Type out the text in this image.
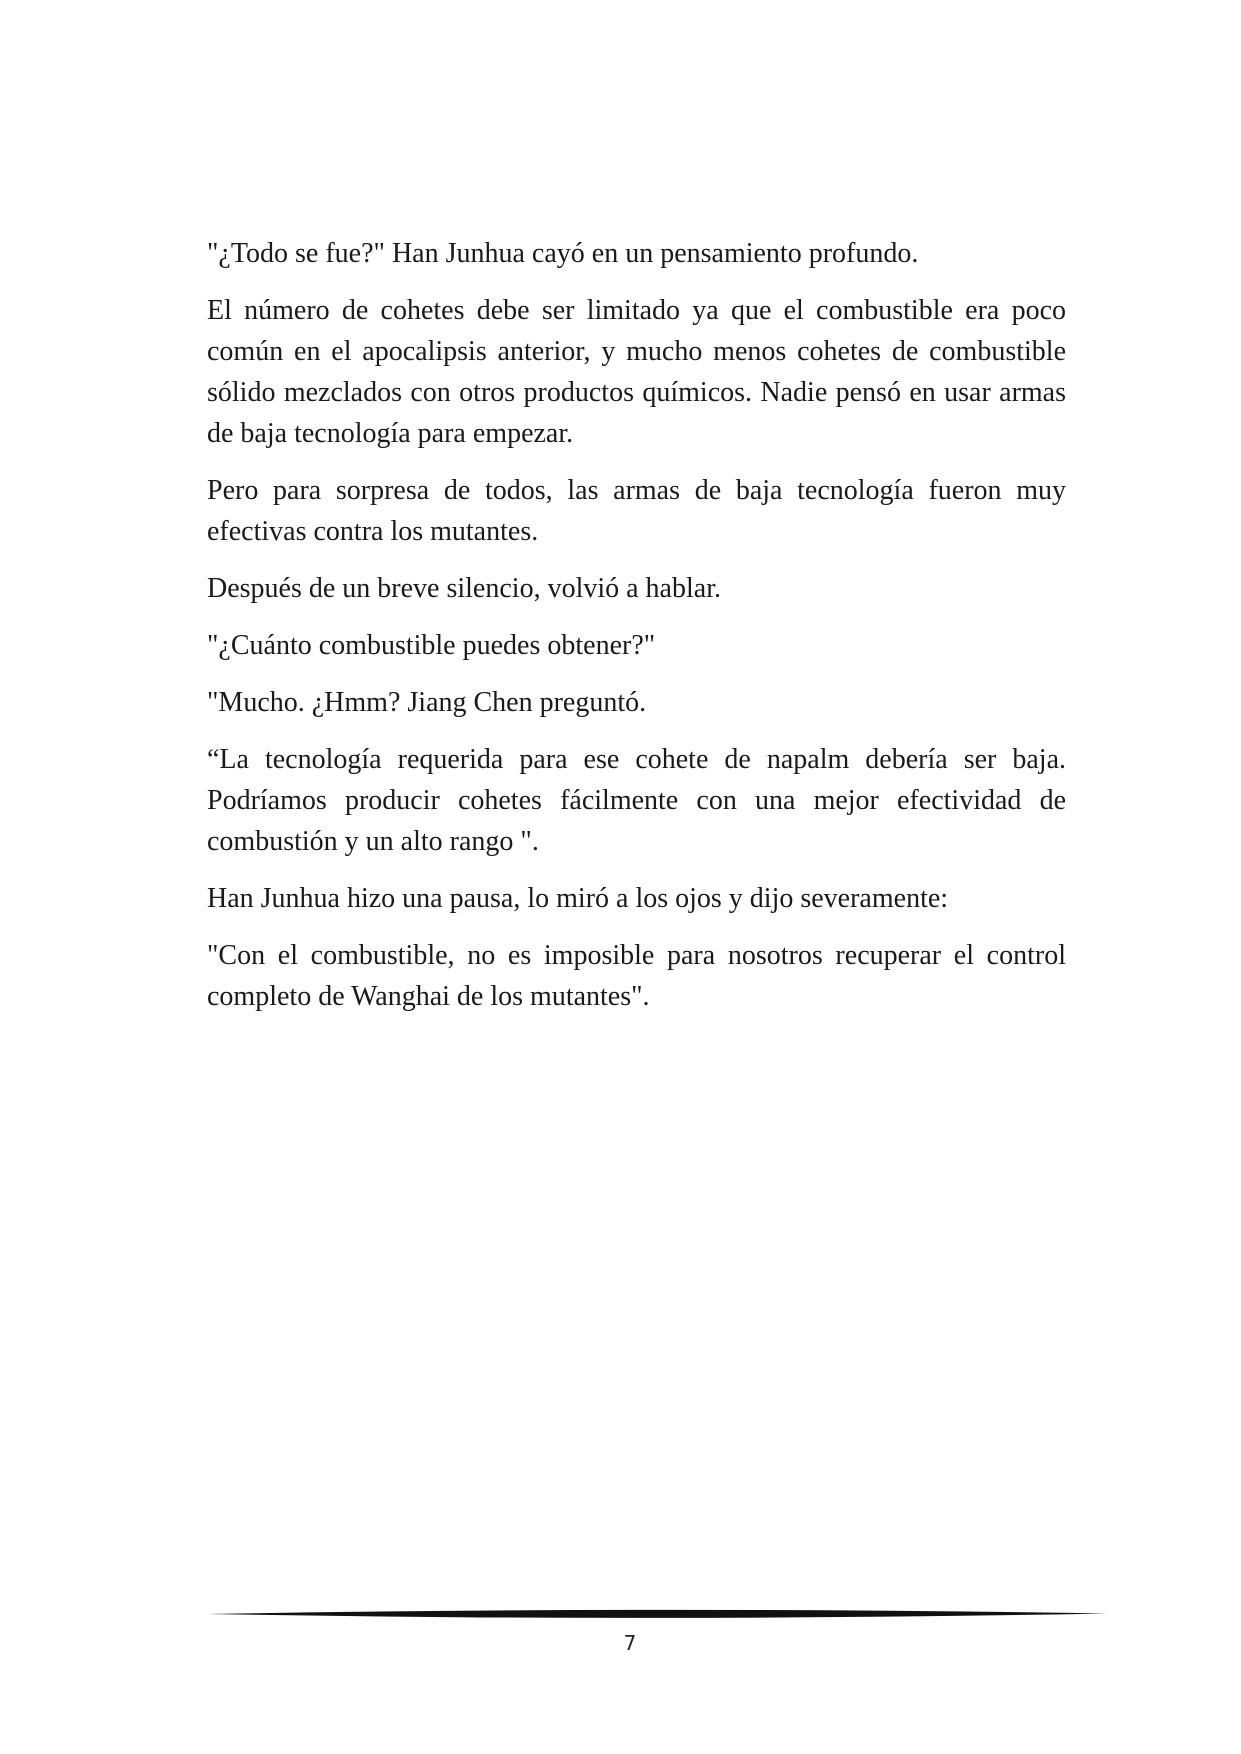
"¿Todo se fue?" Han Junhua cayó en un pensamiento profundo.

El número de cohetes debe ser limitado ya que el combustible era poco común en el apocalipsis anterior, y mucho menos cohetes de combustible sólido mezclados con otros productos químicos. Nadie pensó en usar armas de baja tecnología para empezar.

Pero para sorpresa de todos, las armas de baja tecnología fueron muy efectivas contra los mutantes.

Después de un breve silencio, volvió a hablar.

"¿Cuánto combustible puedes obtener?"

"Mucho. ¿Hmm? Jiang Chen preguntó.

“La tecnología requerida para ese cohete de napalm debería ser baja. Podríamos producir cohetes fácilmente con una mejor efectividad de combustión y un alto rango ".

Han Junhua hizo una pausa, lo miró a los ojos y dijo severamente:

"Con el combustible, no es imposible para nosotros recuperar el control completo de Wanghai de los mutantes".

7
